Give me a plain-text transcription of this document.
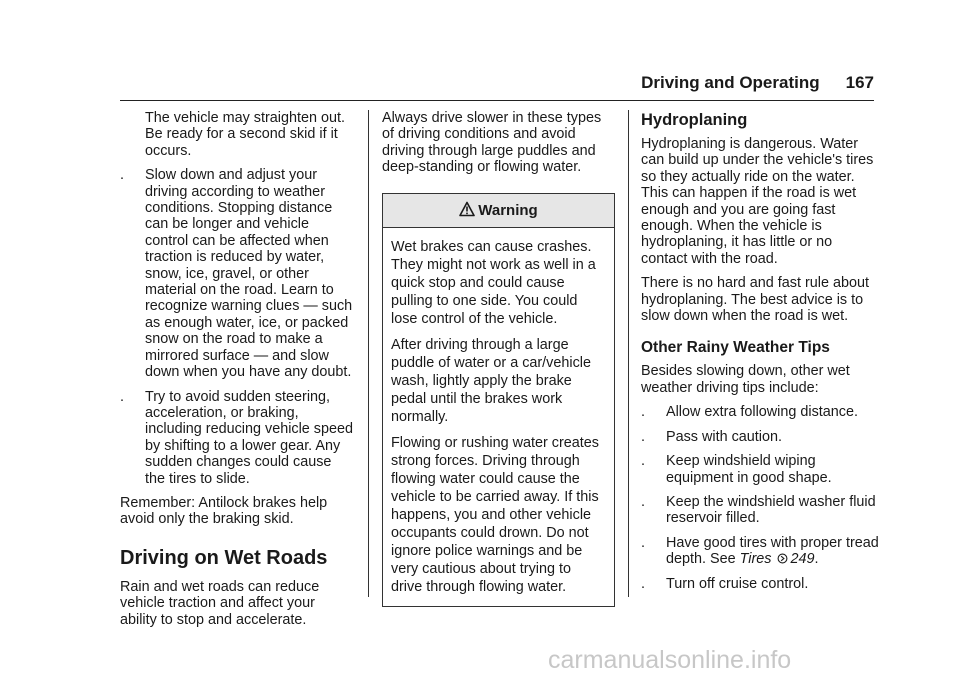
Driving and Operating 167

The vehicle may straighten out. Be ready for a second skid if it occurs.

. Slow down and adjust your driving according to weather conditions. Stopping distance can be longer and vehicle control can be affected when traction is reduced by water, snow, ice, gravel, or other material on the road. Learn to recognize warning clues — such as enough water, ice, or packed snow on the road to make a mirrored surface — and slow down when you have any doubt.
. Try to avoid sudden steering, acceleration, or braking, including reducing vehicle speed by shifting to a lower gear. Any sudden changes could cause the tires to slide.

Remember: Antilock brakes help avoid only the braking skid.

Driving on Wet Roads

Rain and wet roads can reduce vehicle traction and affect your ability to stop and accelerate.

Always drive slower in these types of driving conditions and avoid driving through large puddles and deep-standing or flowing water.

Warning

Wet brakes can cause crashes. They might not work as well in a quick stop and could cause pulling to one side. You could lose control of the vehicle.

After driving through a large puddle of water or a car/vehicle wash, lightly apply the brake pedal until the brakes work normally.

Flowing or rushing water creates strong forces. Driving through flowing water could cause the vehicle to be carried away. If this happens, you and other vehicle occupants could drown. Do not ignore police warnings and be very cautious about trying to drive through flowing water.

Hydroplaning

Hydroplaning is dangerous. Water can build up under the vehicle's tires so they actually ride on the water. This can happen if the road is wet enough and you are going fast enough. When the vehicle is hydroplaning, it has little or no contact with the road.

There is no hard and fast rule about hydroplaning. The best advice is to slow down when the road is wet.

Other Rainy Weather Tips

Besides slowing down, other wet weather driving tips include:

. Allow extra following distance.
. Pass with caution.
. Keep windshield wiping equipment in good shape.
. Keep the windshield washer fluid reservoir filled.
. Have good tires with proper tread depth. See Tires 249.
. Turn off cruise control.
carmanualsonline.info
